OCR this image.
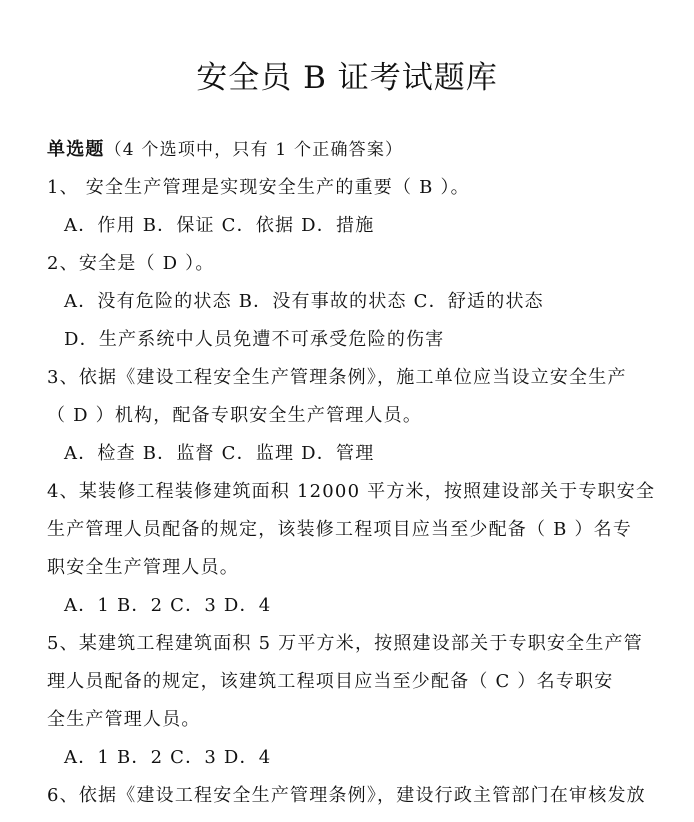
安全员 B 证考试题库
单选题（4 个选项中，只有 1 个正确答案）
1、 安全生产管理是实现安全生产的重要（ B ）。
A．作用 B．保证 C．依据 D．措施
2、安全是（ D ）。
A．没有危险的状态 B．没有事故的状态 C．舒适的状态
D．生产系统中人员免遭不可承受危险的伤害
3、依据《建设工程安全生产管理条例》，施工单位应当设立安全生产
（ D ）机构，配备专职安全生产管理人员。
A．检查 B．监督 C．监理 D．管理
4、某装修工程装修建筑面积 12000 平方米，按照建设部关于专职安全
生产管理人员配备的规定，该装修工程项目应当至少配备（ B ）名专
职安全生产管理人员。
A．1 B．2 C．3 D．4
5、某建筑工程建筑面积 5 万平方米，按照建设部关于专职安全生产管
理人员配备的规定，该建筑工程项目应当至少配备（ C ）名专职安
全生产管理人员。
A．1 B．2 C．3 D．4
6、依据《建设工程安全生产管理条例》，建设行政主管部门在审核发放
